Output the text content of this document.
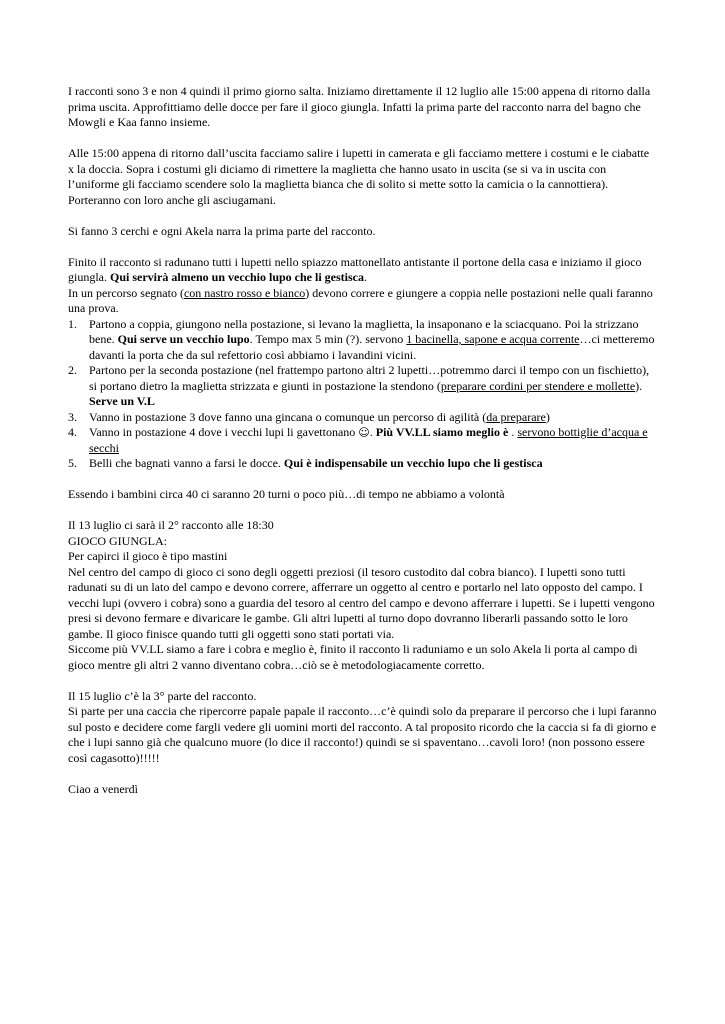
I racconti sono 3 e non 4 quindi il primo giorno salta. Iniziamo direttamente il 12 luglio alle 15:00 appena di ritorno dalla prima uscita. Approfittiamo delle docce per fare il gioco giungla. Infatti la prima parte del racconto narra del bagno che Mowgli e Kaa fanno insieme.

Alle 15:00 appena di ritorno dall’uscita facciamo salire i lupetti in camerata e gli facciamo mettere i costumi e le ciabatte x la doccia. Sopra i costumi gli diciamo di rimettere la maglietta che hanno usato in uscita (se si va in uscita con l’uniforme gli facciamo scendere solo la maglietta bianca che di solito si mette sotto la camicia o la cannottiera). Porteranno con loro anche gli asciugamani.

Si fanno 3 cerchi e ogni Akela narra la prima parte del racconto.

Finito il racconto si radunano tutti i lupetti nello spiazzo mattonellato antistante il portone della casa e iniziamo il gioco giungla. Qui servirà almeno un vecchio lupo che li gestisca.

In un percorso segnato (con nastro rosso e bianco) devono correre e giungere a coppia nelle postazioni nelle quali faranno una prova.

1. Partono a coppia, giungono nella postazione, si levano la maglietta, la insaponano e la sciacquano. Poi la strizzano bene. Qui serve un vecchio lupo. Tempo max 5 min (?). servono 1 bacinella, sapone e acqua corrente…ci metteremo davanti la porta che da sul refettorio così abbiamo i lavandini vicini.
2. Partono per la seconda postazione (nel frattempo partono altri 2 lupetti…potremmo darci il tempo con un fischietto), si portano dietro la maglietta strizzata e giunti in postazione la stendono (preparare cordini per stendere e mollette). Serve un V.L
3. Vanno in postazione 3 dove fanno una gincana o comunque un percorso di agilità (da preparare)
4. Vanno in postazione 4 dove i vecchi lupi li gavettonano ☺. Più VV.LL siamo meglio è . servono bottiglie d’acqua e secchi
5. Belli che bagnati vanno a farsi le docce. Qui è indispensabile un vecchio lupo che li gestisca

Essendo i bambini circa 40 ci saranno 20 turni o poco più…di tempo ne abbiamo a volontà

Il 13 luglio ci sarà il 2° racconto alle 18:30

GIOCO GIUNGLA:

Per capirci il gioco è tipo mastini

Nel centro del campo di gioco ci sono degli oggetti preziosi (il tesoro custodito dal cobra bianco). I lupetti sono tutti radunati su di un lato del campo e devono correre, afferrare un oggetto al centro e portarlo nel lato opposto del campo. I vecchi lupi (ovvero i cobra) sono a guardia del tesoro al centro del campo e devono afferrare i lupetti. Se i lupetti vengono presi si devono fermare e divaricare le gambe. Gli altri lupetti al turno dopo dovranno liberarli passando sotto le loro gambe. Il gioco finisce quando tutti gli oggetti sono stati portati via.

Siccome più VV.LL siamo a fare i cobra e meglio è, finito il racconto li raduniamo e un solo Akela li porta al campo di gioco mentre gli altri 2 vanno diventano cobra…ciò se è metodologiacamente corretto.

Il 15 luglio c’è la 3° parte del racconto.

Si parte per una caccia che ripercorre papale papale il racconto…c’è quindi solo da preparare il percorso che i lupi faranno sul posto e decidere come fargli vedere gli uomini morti del racconto. A tal proposito ricordo che la caccia si fa di giorno e che i lupi sanno già che qualcuno muore (lo dice il racconto!) quindi se si spaventano…cavoli loro! (non possono essere così cagasotto)!!!!!

Ciao a venerdì
